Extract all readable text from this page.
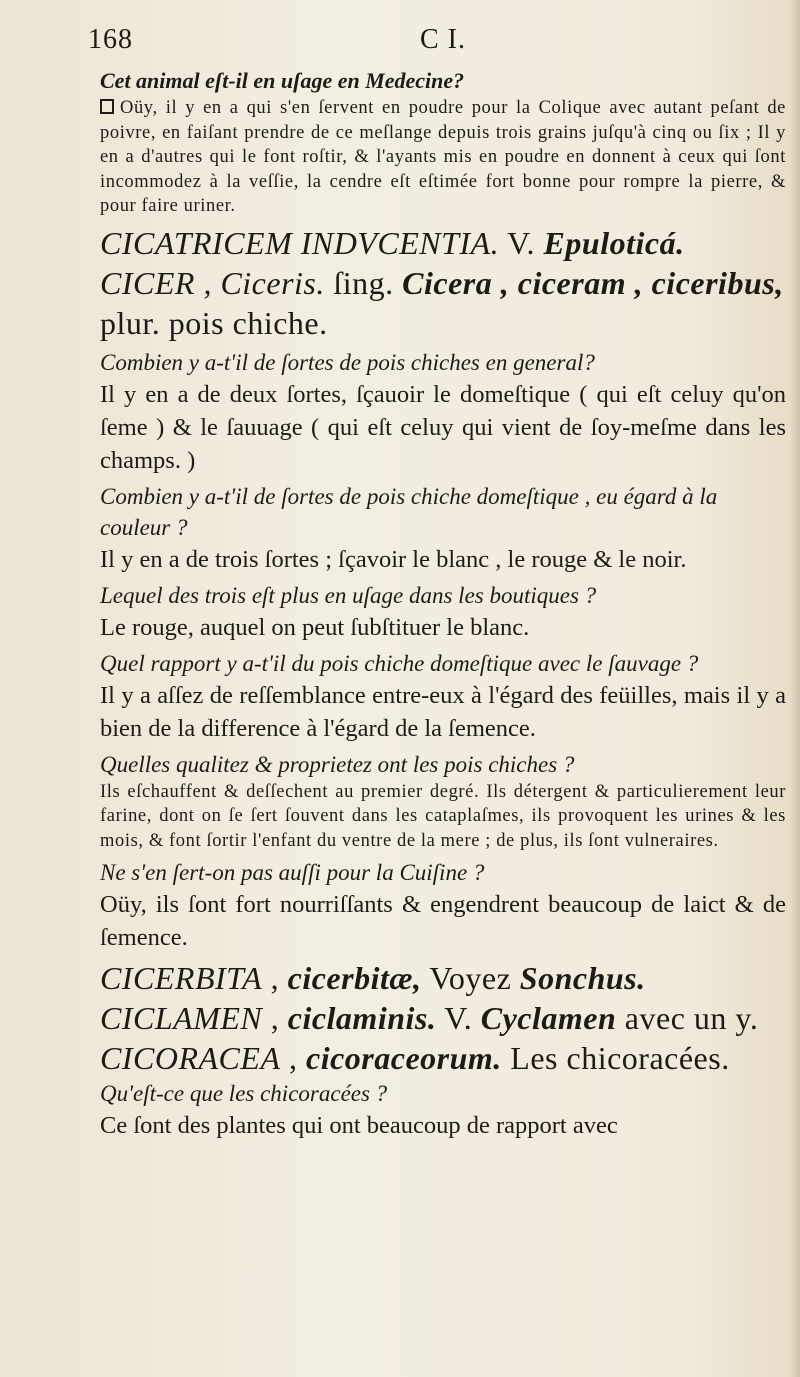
168	C I.

Cet animal eſt-il en uſage en Medecine?

Oüy, il y en a qui s'en ſervent en poudre pour la Colique avec autant peſant de poivre, en faiſant prendre de ce meſlange depuis trois grains juſqu'à cinq ou ſix ; Il y en a d'autres qui le font roſtir, & l'ayants mis en poudre en donnent à ceux qui ſont incommodez à la veſſie, la cendre eſt eſtimée fort bonne pour rompre la pierre, & pour faire uriner.

CICATRICEM INDVCENTIA. V. Epuloticá.

CICER , Ciceris. ſing. Cicera , ciceram , ciceribus, plur. pois chiche.

Combien y a-t'il de ſortes de pois chiches en general?

Il y en a de deux ſortes, ſçauoir le domeſtique ( qui eſt celuy qu'on ſeme ) & le ſauuage ( qui eſt celuy qui vient de ſoy-meſme dans les champs. )

Combien y a-t'il de ſortes de pois chiche domeſtique , eu égard à la couleur ?

Il y en a de trois ſortes ; ſçavoir le blanc , le rouge & le noir.

Lequel des trois eſt plus en uſage dans les boutiques ?

Le rouge, auquel on peut ſubſtituer le blanc.

Quel rapport y a-t'il du pois chiche domeſtique avec le ſauvage ?

Il y a aſſez de reſſemblance entre-eux à l'égard des feüilles, mais il y a bien de la difference à l'égard de la ſemence.

Quelles qualitez & proprietez ont les pois chiches ?

Ils eſchauffent & deſſechent au premier degré. Ils détergent & particulierement leur farine, dont on ſe ſert ſouvent dans les cataplaſmes, ils provoquent les urines & les mois, & font ſortir l'enfant du ventre de la mere ; de plus, ils ſont vulneraires.

Ne s'en ſert-on pas auſſi pour la Cuiſine ?

Oüy, ils ſont fort nourriſſants & engendrent beaucoup de laict & de ſemence.

CICERBITA , cicerbitæ, Voyez Sonchus.

CICLAMEN , ciclaminis. V. Cyclamen avec un y.

CICORACEA , cicoraceorum. Les chicoracées.

Qu'eſt-ce que les chicoracées ?

Ce ſont des plantes qui ont beaucoup de rapport avec
